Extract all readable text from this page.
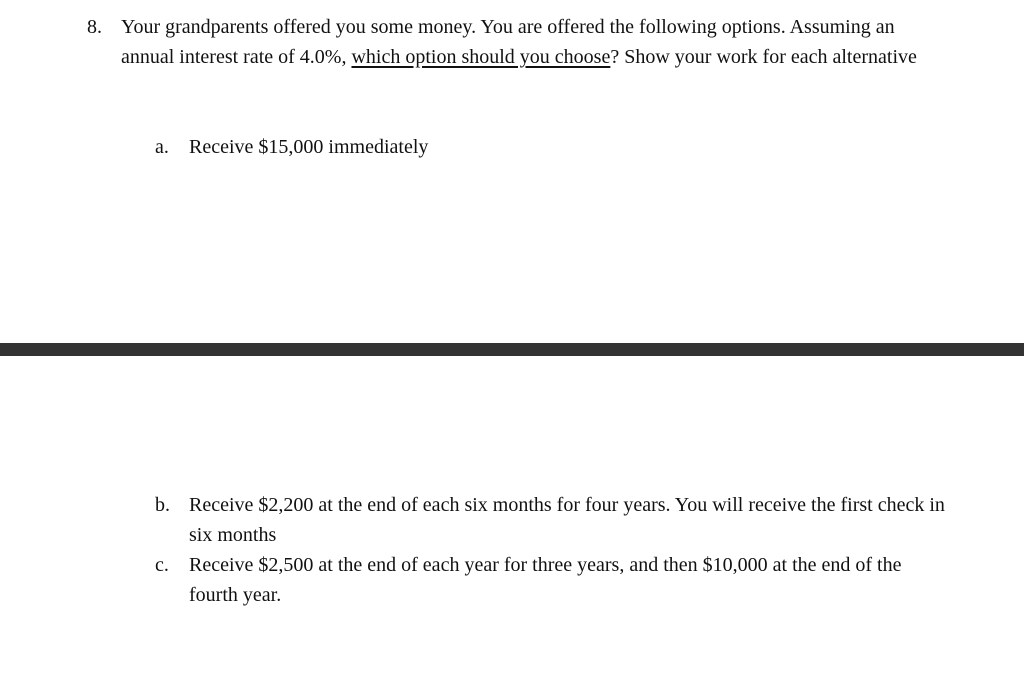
8. Your grandparents offered you some money. You are offered the following options. Assuming an annual interest rate of 4.0%, which option should you choose? Show your work for each alternative
a. Receive $15,000 immediately
b. Receive $2,200 at the end of each six months for four years. You will receive the first check in six months
c. Receive $2,500 at the end of each year for three years, and then $10,000 at the end of the fourth year.
